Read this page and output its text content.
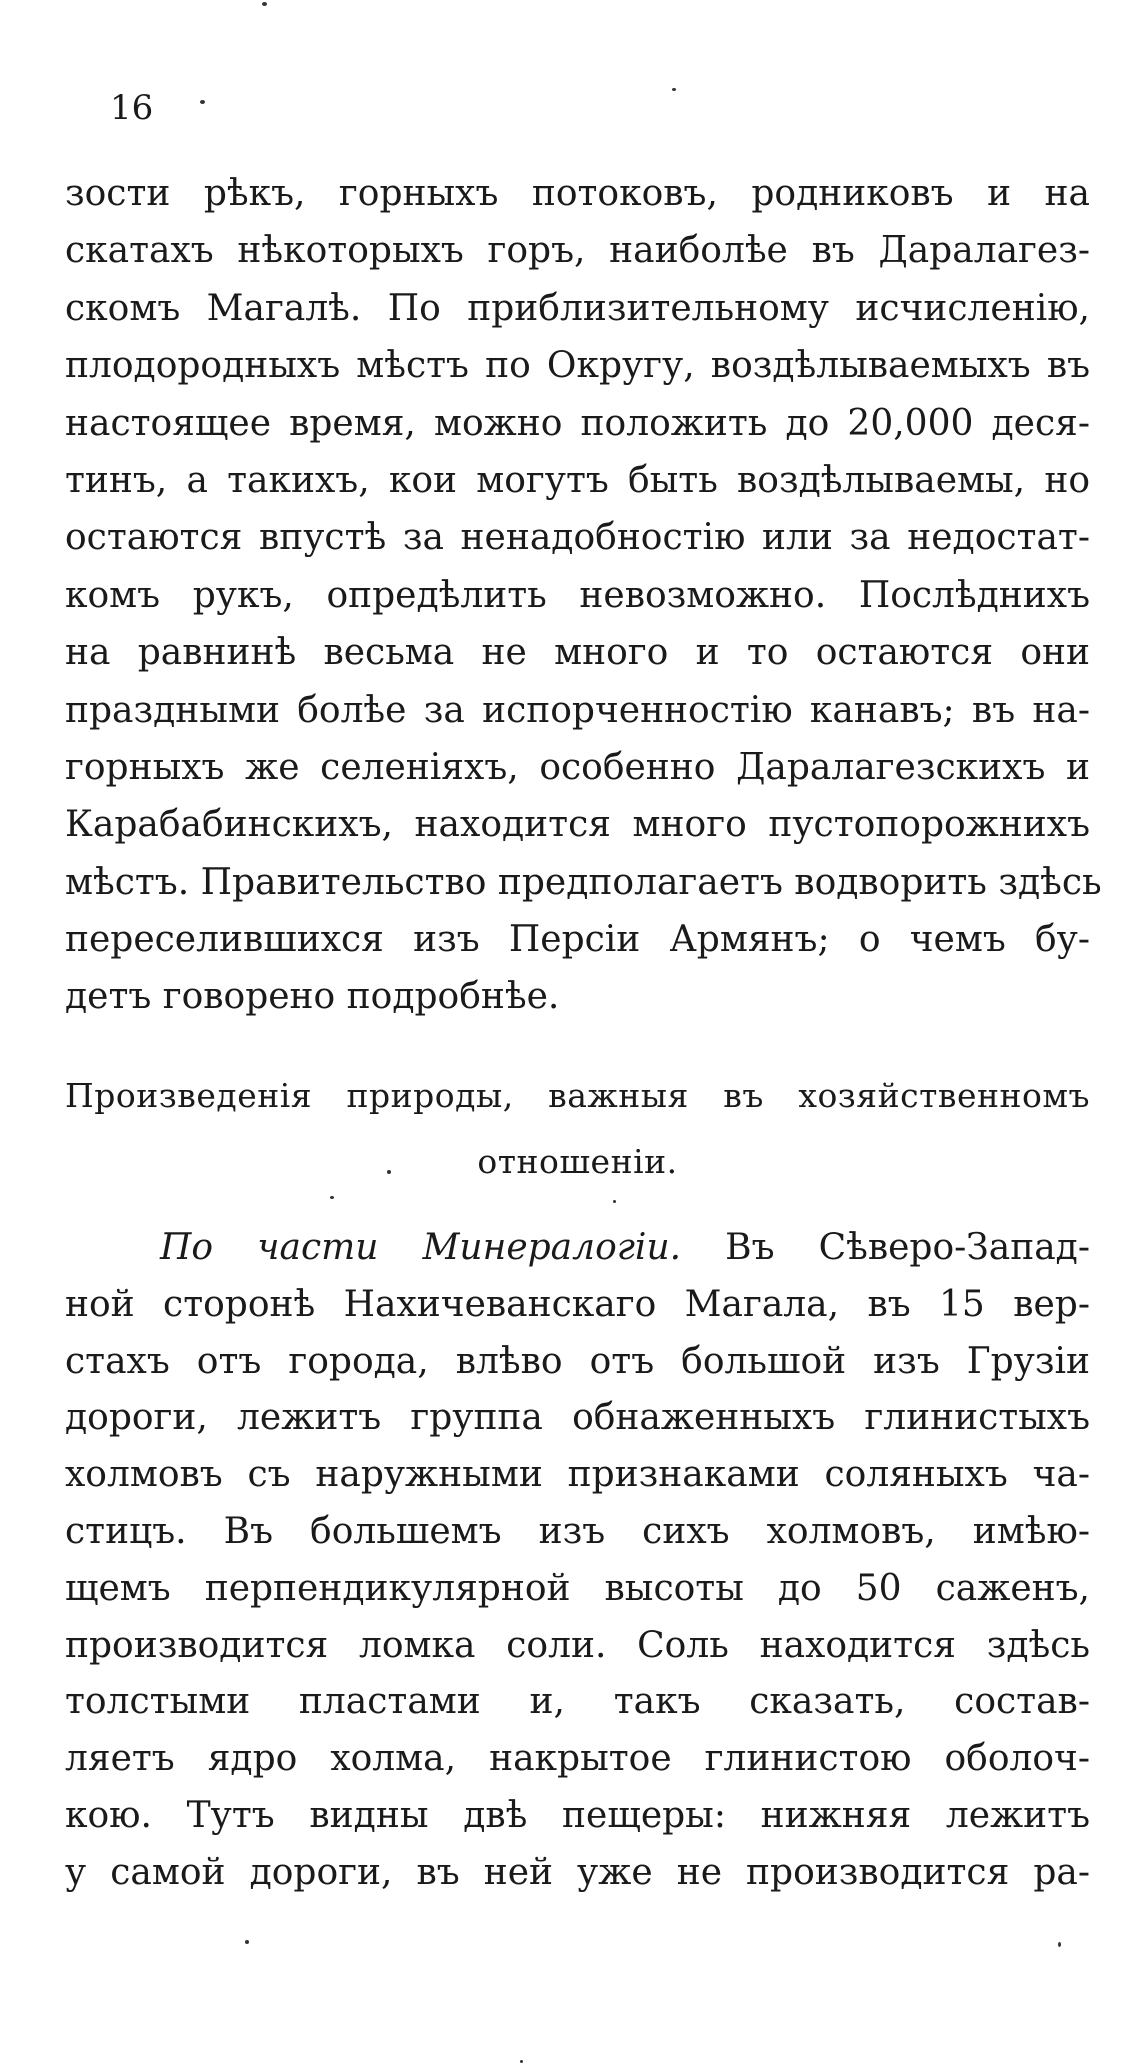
16
зости рѣкъ, горныхъ потоковъ, родниковъ и на
скатахъ нѣкоторыхъ горъ, наиболѣе въ Даралагез-
скомъ Магалѣ. По приблизительному исчисленію,
плодородныхъ мѣстъ по Округу, воздѣлываемыхъ въ
настоящее время, можно положить до 20,000 деся-
тинъ, а такихъ, кои могутъ быть воздѣлываемы, но
остаются впустѣ за ненадобностію или за недостат-
комъ рукъ, опредѣлить невозможно. Послѣднихъ
на равнинѣ весьма не много и то остаются они
праздными болѣе за испорченностію канавъ; въ на-
горныхъ же селеніяхъ, особенно Даралагезскихъ и
Карабабинскихъ, находится много пустопорожнихъ
мѣстъ. Правительство предполагаетъ водворить здѣсь
переселившихся изъ Персіи Армянъ; о чемъ бу-
детъ говорено подробнѣе.
Произведенія природы, важныя въ хозяйственномъ
отношеніи.
По части Минералогіи. Въ Сѣверо-Запад-
ной сторонѣ Нахичеванскаго Магала, въ 15 вер-
стахъ отъ города, влѣво отъ большой изъ Грузіи
дороги, лежитъ группа обнаженныхъ глинистыхъ
холмовъ съ наружными признаками соляныхъ ча-
стицъ. Въ большемъ изъ сихъ холмовъ, имѣю-
щемъ перпендикулярной высоты до 50 саженъ,
производится ломка соли. Соль находится здѣсь
толстыми пластами и, такъ сказать, состав-
ляетъ ядро холма, накрытое глинистою оболоч-
кою. Тутъ видны двѣ пещеры: нижняя лежитъ
у самой дороги, въ ней уже не производится ра-
